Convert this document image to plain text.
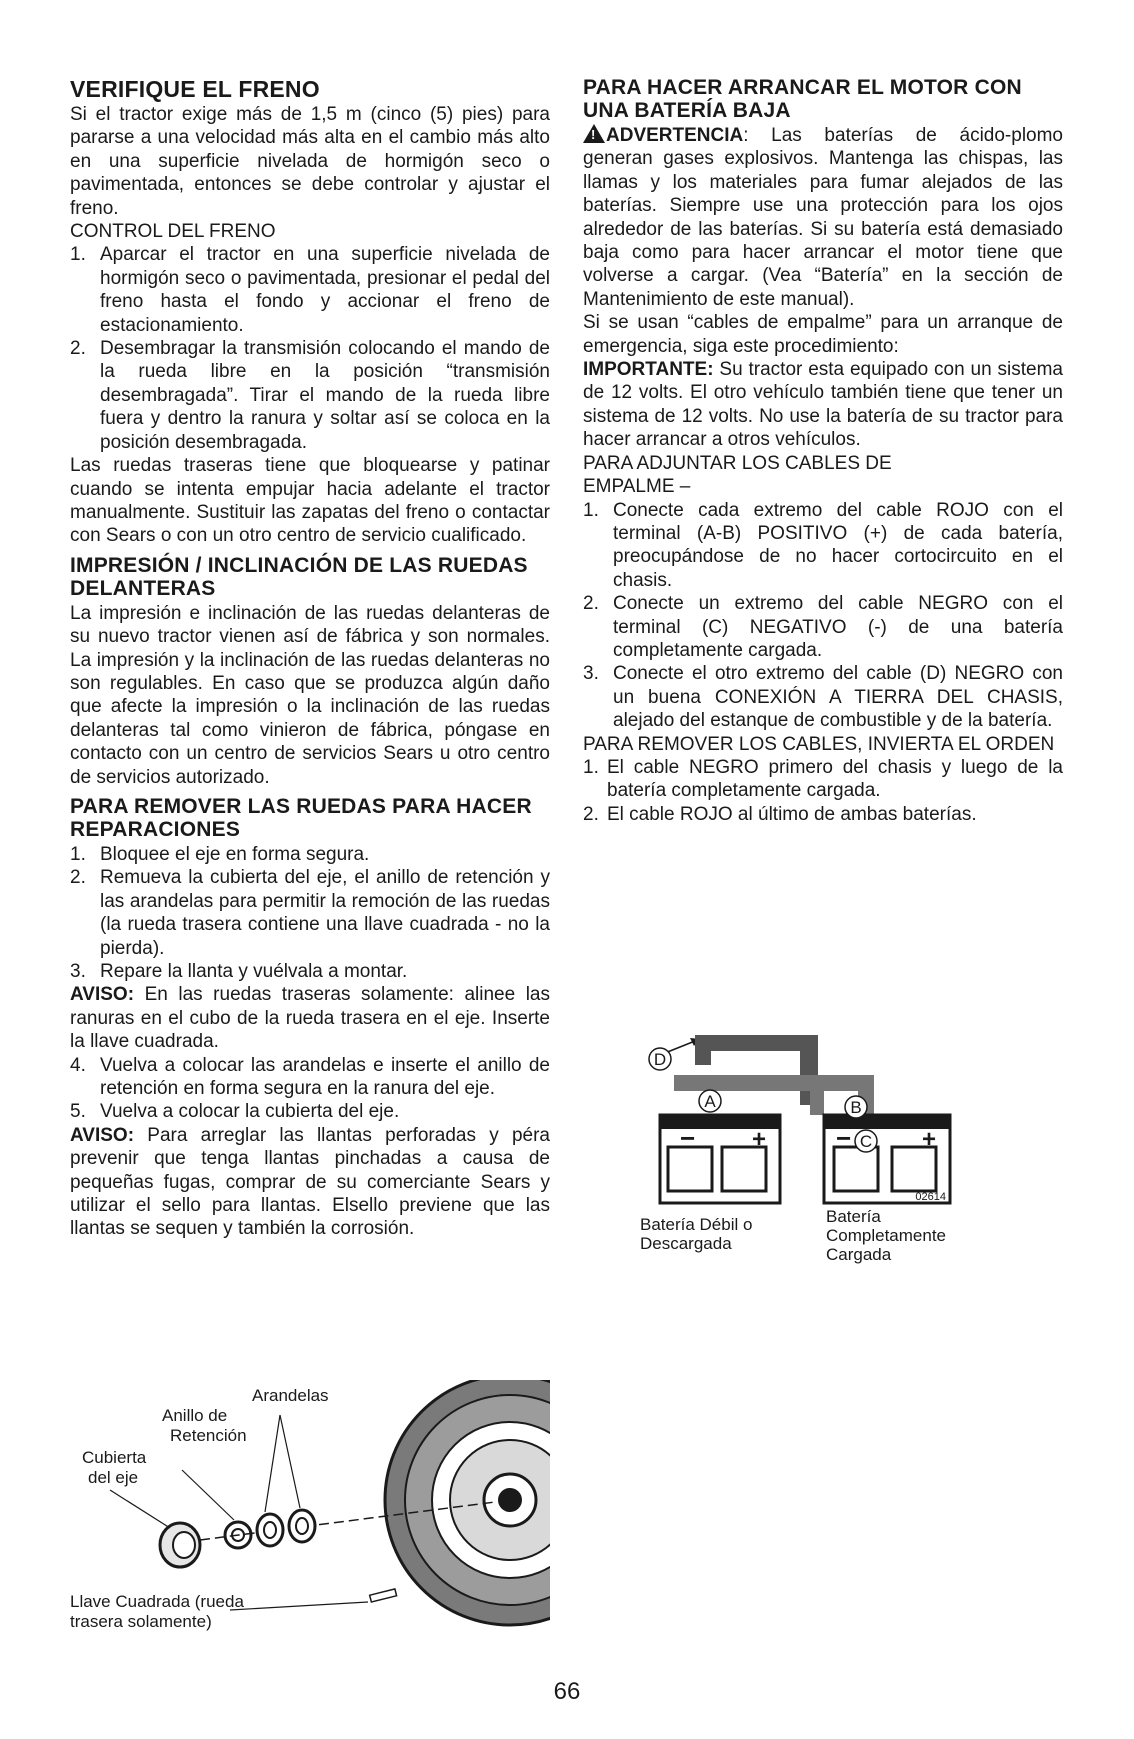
VERIFIQUE EL FRENO

Si el tractor exige más de 1,5 m (cinco (5) pies) para pararse a una velocidad más alta en el cambio más alto en una superficie nivelada de hormigón seco o pavimentada, entonces se debe controlar y ajustar el freno.

CONTROL DEL FRENO

1. Aparcar el tractor en una superficie nivelada de hormigón seco o pavimentada, presionar el pedal del freno hasta el fondo y accionar el freno de estacionamiento.
2. Desembragar la transmisión colocando el mando de la rueda libre en la posición “transmisión desembragada”. Tirar el mando de la rueda libre fuera y dentro la ranura y soltar así se coloca en la posición desembragada.

Las ruedas traseras tiene que bloquearse y patinar cuando se intenta empujar hacia adelante el tractor manualmente. Sustituir las zapatas del freno o contactar con Sears o con un otro centro de servicio cualificado.

IMPRESIÓN / INCLINACIÓN DE LAS RUEDAS DELANTERAS

La impresión e inclinación de las ruedas delanteras de su nuevo tractor vienen así de fábrica y son normales. La impresión y la inclinación de las ruedas delanteras no son regulables. En caso que se produzca algún daño que afecte la impresión o la inclinación de las ruedas delanteras tal como vinieron de fábrica, póngase en contacto con un centro de servicios Sears u otro centro de servicios autorizado.

PARA REMOVER LAS RUEDAS PARA HACER REPARACIONES
1. Bloquee el eje en forma segura.
2. Remueva la cubierta del eje, el anillo de retención y las arandelas para permitir la remoción de las ruedas (la rueda trasera contiene una llave cuadrada - no la pierda).
3. Repare la llanta y vuélvala a montar.

AVISO: En las ruedas traseras solamente: alinee las ranuras en el cubo de la rueda trasera en el eje. Inserte la llave cuadrada.

4. Vuelva a colocar las arandelas e inserte el anillo de retención en forma segura en la ranura del eje.
5. Vuelva a colocar la cubierta del eje.

AVISO: Para arreglar las llantas perforadas y péra prevenir que tenga llantas pinchadas a causa de pequeñas fugas, comprar de su comerciante Sears y utilizar el sello para llantas. Elsello previene que las llantas se sequen y también la corrosión.

Arandelas
Anillo de
Retención
Cubierta
del eje
Llave Cuadrada (rueda
trasera solamente)
PARA HACER ARRANCAR EL MOTOR CON UNA BATERÍA BAJA

!ADVERTENCIA: Las baterías de ácido-plomo generan gases explosivos. Mantenga las chispas, las llamas y los materiales para fumar alejados de las baterías. Siempre use una protección para los ojos alrededor de las baterías. Si su batería está demasiado baja como para hacer arrancar el motor tiene que volverse a cargar. (Vea “Batería” en la sección de Mantenimiento de este manual).

Si se usan “cables de empalme” para un arranque de emergencia, siga este procedimiento:

IMPORTANTE: Su tractor esta equipado con un sistema de 12 volts. El otro vehículo también tiene que tener un sistema de 12 volts. No use la batería de su tractor para hacer arrancar a otros vehículos.

PARA ADJUNTAR LOS CABLES DE

EMPALME –

1. Conecte cada extremo del cable ROJO con el terminal (A-B) POSITIVO (+) de cada batería, preocupándose de no hacer cortocircuito en el chasis.
2. Conecte un extremo del cable NEGRO con el terminal (C) NEGATIVO (-) de una batería completamente cargada.
3. Conecte el otro extremo del cable (D) NEGRO con un buena CONEXIÓN A TIERRA DEL CHASIS, alejado del estanque de combustible y de la batería.

PARA REMOVER LOS CABLES, INVIERTA EL ORDEN

1. El cable NEGRO primero del chasis y luego de la batería completamente cargada.
2. El cable ROJO al último de ambas baterías.
D
A	B
C
− +	−	+
02614
Batería Débil o
Descargada
Batería
Completamente
Cargada
66
